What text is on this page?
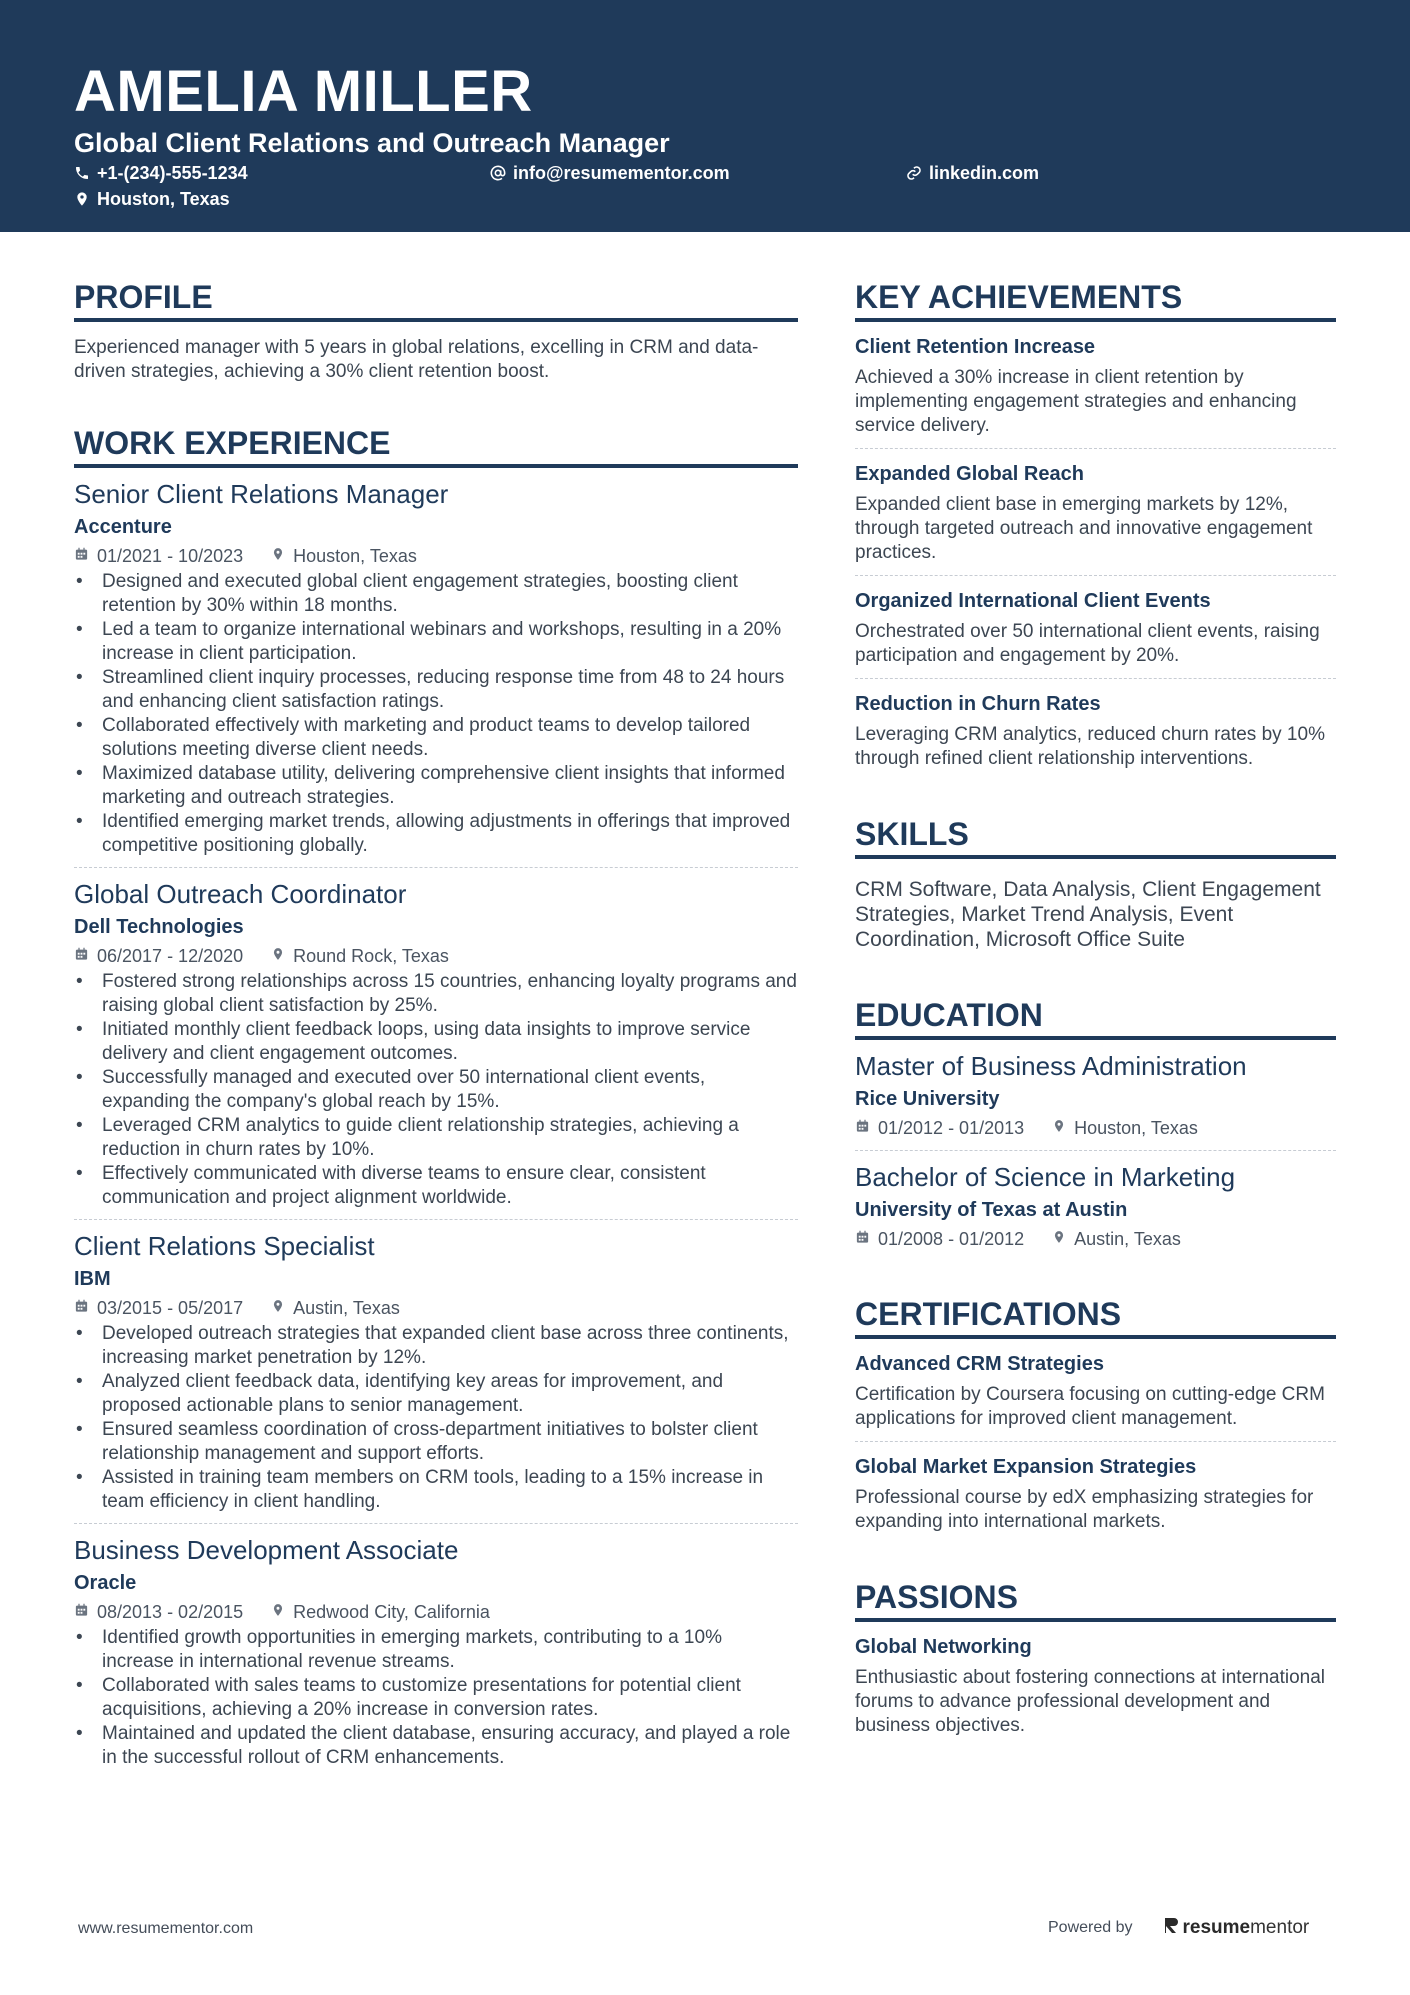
AMELIA MILLER
Global Client Relations and Outreach Manager
+1-(234)-555-1234	info@resumementor.com	linkedin.com
Houston, Texas
PROFILE
Experienced manager with 5 years in global relations, excelling in CRM and data-driven strategies, achieving a 30% client retention boost.
WORK EXPERIENCE
Senior Client Relations Manager
Accenture
01/2021 - 10/2023	Houston, Texas
• Designed and executed global client engagement strategies, boosting client retention by 30% within 18 months.
• Led a team to organize international webinars and workshops, resulting in a 20% increase in client participation.
• Streamlined client inquiry processes, reducing response time from 48 to 24 hours and enhancing client satisfaction ratings.
• Collaborated effectively with marketing and product teams to develop tailored solutions meeting diverse client needs.
• Maximized database utility, delivering comprehensive client insights that informed marketing and outreach strategies.
• Identified emerging market trends, allowing adjustments in offerings that improved competitive positioning globally.
Global Outreach Coordinator
Dell Technologies
06/2017 - 12/2020	Round Rock, Texas
• Fostered strong relationships across 15 countries, enhancing loyalty programs and raising global client satisfaction by 25%.
• Initiated monthly client feedback loops, using data insights to improve service delivery and client engagement outcomes.
• Successfully managed and executed over 50 international client events, expanding the company's global reach by 15%.
• Leveraged CRM analytics to guide client relationship strategies, achieving a reduction in churn rates by 10%.
• Effectively communicated with diverse teams to ensure clear, consistent communication and project alignment worldwide.
Client Relations Specialist
IBM
03/2015 - 05/2017	Austin, Texas
• Developed outreach strategies that expanded client base across three continents, increasing market penetration by 12%.
• Analyzed client feedback data, identifying key areas for improvement, and proposed actionable plans to senior management.
• Ensured seamless coordination of cross-department initiatives to bolster client relationship management and support efforts.
• Assisted in training team members on CRM tools, leading to a 15% increase in team efficiency in client handling.
Business Development Associate
Oracle
08/2013 - 02/2015	Redwood City, California
• Identified growth opportunities in emerging markets, contributing to a 10% increase in international revenue streams.
• Collaborated with sales teams to customize presentations for potential client acquisitions, achieving a 20% increase in conversion rates.
• Maintained and updated the client database, ensuring accuracy, and played a role in the successful rollout of CRM enhancements.
KEY ACHIEVEMENTS
Client Retention Increase
Achieved a 30% increase in client retention by implementing engagement strategies and enhancing service delivery.
Expanded Global Reach
Expanded client base in emerging markets by 12%, through targeted outreach and innovative engagement practices.
Organized International Client Events
Orchestrated over 50 international client events, raising participation and engagement by 20%.
Reduction in Churn Rates
Leveraging CRM analytics, reduced churn rates by 10% through refined client relationship interventions.
SKILLS
CRM Software, Data Analysis, Client Engagement Strategies, Market Trend Analysis, Event Coordination, Microsoft Office Suite
EDUCATION
Master of Business Administration
Rice University
01/2012 - 01/2013	Houston, Texas
Bachelor of Science in Marketing
University of Texas at Austin
01/2008 - 01/2012	Austin, Texas
CERTIFICATIONS
Advanced CRM Strategies
Certification by Coursera focusing on cutting-edge CRM applications for improved client management.
Global Market Expansion Strategies
Professional course by edX emphasizing strategies for expanding into international markets.
PASSIONS
Global Networking
Enthusiastic about fostering connections at international forums to advance professional development and business objectives.
www.resumementor.com	Powered by	resume mentor
